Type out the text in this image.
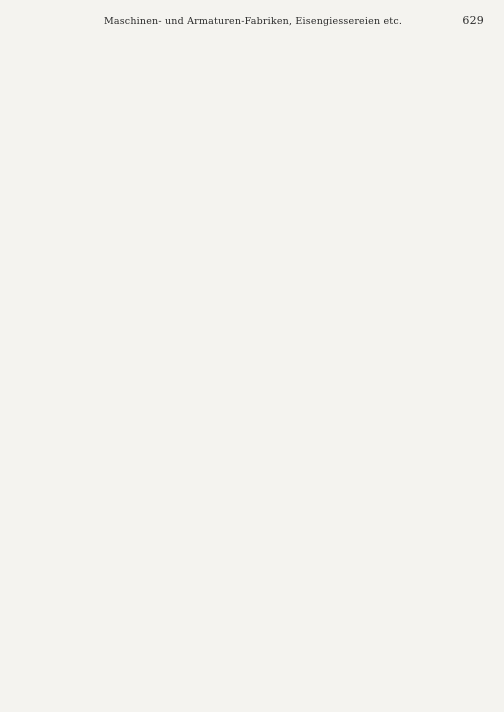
Maschinen- und Armaturen-Fabriken, Eisengiessereien etc.	629
